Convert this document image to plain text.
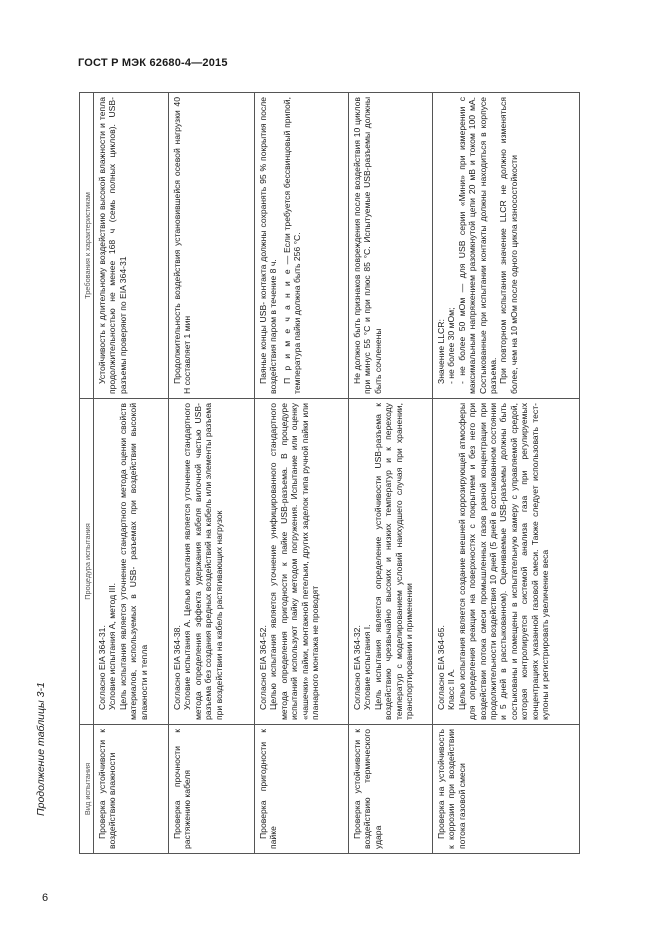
ГОСТ Р МЭК 62680-4—2015
Продолжение таблицы 3-1	Вид испытания
Процедура испытания
Требования к характеристикам

Проверка устойчивости к воздействию влажности

Согласно EIA 364-31. Условие испытания А, метод III. Цель испытания является уточнение стандартного метода оценки свойств материалов, используемых в USB- разъемах при воздействии высокой влажности и тепла

Устойчивость к длительному воздействию высокой влажности и тепла продолжительностью не менее 168 ч (семь полных циклов). USB-разъемы проверяют по EIA 364-31

Проверка прочности к растяжению кабеля

Согласно EIA 364-38. Условие испытания А. Целью испытания является уточнение стандартного метода определения эффекта удержания кабеля вилочной частью USB-разъема без создания вредных воздействий на кабель или элементы разъема при воздействии на кабель растягивающих нагрузок

Продолжительность воздействия установившейся осевой нагрузки 40 Н составляет 1 мин

Проверка пригодности к пайке

Согласно EIA 364-52. Целью испытания является уточнение унифицированного стандартного метода определения пригодности к пайке USB-разъема. В процедуре испытаний используют пайку методом погружения. Испытание или оценку «чашечки» пайки, монтажной петельки, других заделок типа ручной пайки или планарного монтажа не проводят

Паяные концы USB- контакта должны сохранять 95 % покрытия после воздействия паром в течение 8 ч. П р и м е ч а н и е — Если требуется бессвинцовый припой, температура пайки должна быть 256 °С.

Проверка устойчивости к воздействию термического удара

Согласно EIA 364-32. Условие испытания I. Цель испытания является определение устойчивости USB-разъема к воздействию чрезвычайно высоких и низких температур и к переходу температур с моделированием условий наихудшего случая при хранении, транспортировании и применении

Не должно быть признаков повреждения после воздействия 10 циклов при минус 55 °С и при плюс 85 °С. Испытуемые USB-разъемы должны быть сочленены

Проверка на устойчивость к коррозии при воздействии потока газовой смеси

Согласно EIA 364-65. Класс II А. Целью испытания является создание внешней коррозирующей атмосферы для определения реакции на поверхностях с покрытием и без него при воздействии потока смеси промышленных газов разной концентрации при продолжительности воздействия 10 дней (5 дней в состыкованном состоянии и 5 дней в расстыкованном). Оцениваемые USB-разъемы должны быть состыкованы и помещены в испытательную камеру с управляемой средой, которая контролируется системой анализа газа при регулируемых концентрациях указанной газовой смеси. Также следует использовать тест-купоны и регистрировать увеличение веса

Значение LLCR: - не более 30 мОм; - не более 50 мОм — для USB серии «Мини» при измерении с максимальным напряжением разомкнутой цепи 20 мВ и током 100 мА. Состыкованные при испытании контакты должны находиться в корпусе разъема. При повторном испытании значение LLCR не должно изменяться более, чем на 10 мОм после одного цикла износостойкости

6
